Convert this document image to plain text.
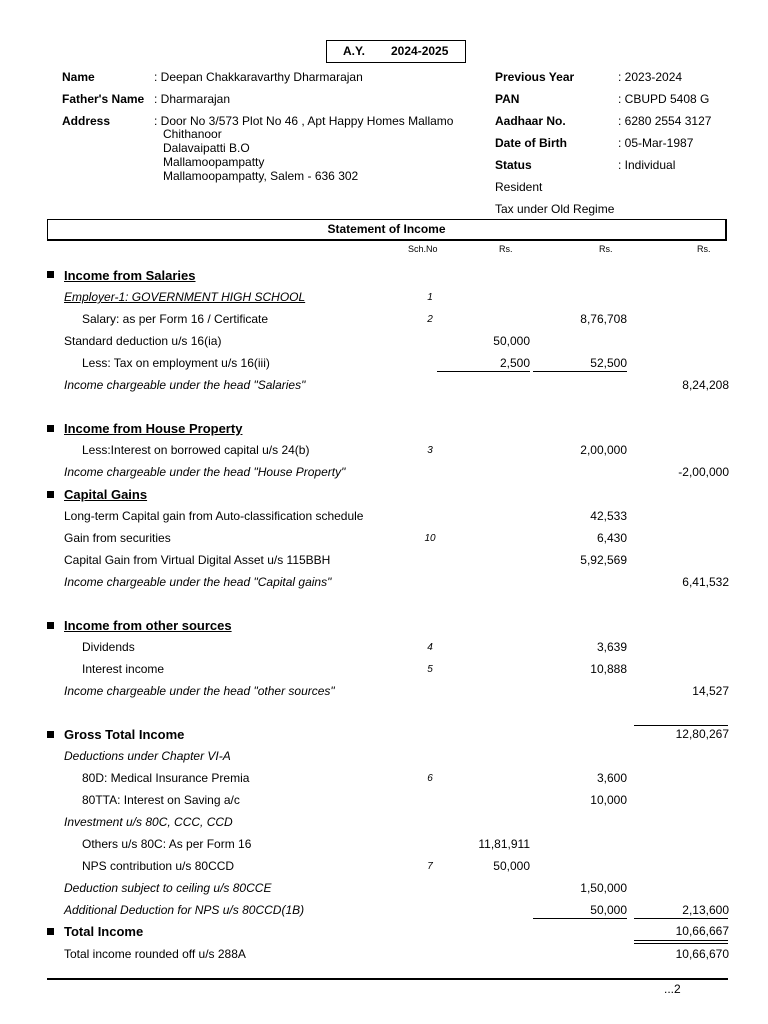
A.Y. 2024-2025
Name	: Deepan Chakkaravarthy Dharmarajan
Father's Name : Dharmarajan
Address	: Door No 3/573 Plot No 46 , Apt Happy Homes Mallamo
Chithanoor
Dalavaipatti B.O
Mallamoopampatty
Mallamoopampatty, Salem - 636 302
Previous Year	: 2023-2024
PAN	: CBUPD 5408 G
Aadhaar No.	: 6280 2554 3127
Date of Birth	: 05-Mar-1987
Status	: Individual
Resident
Tax under Old Regime
Statement of Income
Sch.No	Rs.	Rs.	Rs.
Income from Salaries
Employer-1: GOVERNMENT HIGH SCHOOL	1
Salary: as per Form 16 / Certificate	2	8,76,708
Standard deduction u/s 16(ia)	50,000
Less: Tax on employment u/s 16(iii)	2,500	52,500
Income chargeable under the head "Salaries"	8,24,208
Income from House Property
Less:Interest on borrowed capital u/s 24(b)	3	2,00,000
Income chargeable under the head "House Property"	-2,00,000
Capital Gains
Long-term Capital gain from Auto-classification schedule	42,533
Gain from securities	10	6,430
Capital Gain from Virtual Digital Asset u/s 115BBH	5,92,569
Income chargeable under the head "Capital gains"	6,41,532
Income from other sources
Dividends	4	3,639
Interest income	5	10,888
Income chargeable under the head "other sources"	14,527
Gross Total Income	12,80,267
Deductions under Chapter VI-A
80D: Medical Insurance Premia	6	3,600
80TTA: Interest on Saving a/c	10,000
Investment u/s 80C, CCC, CCD
Others u/s 80C: As per Form 16	11,81,911
NPS contribution u/s 80CCD	7	50,000
Deduction subject to ceiling u/s 80CCE	1,50,000
Additional Deduction for NPS u/s 80CCD(1B)	50,000	2,13,600
Total Income	10,66,667
Total income rounded off u/s 288A	10,66,670
...2
